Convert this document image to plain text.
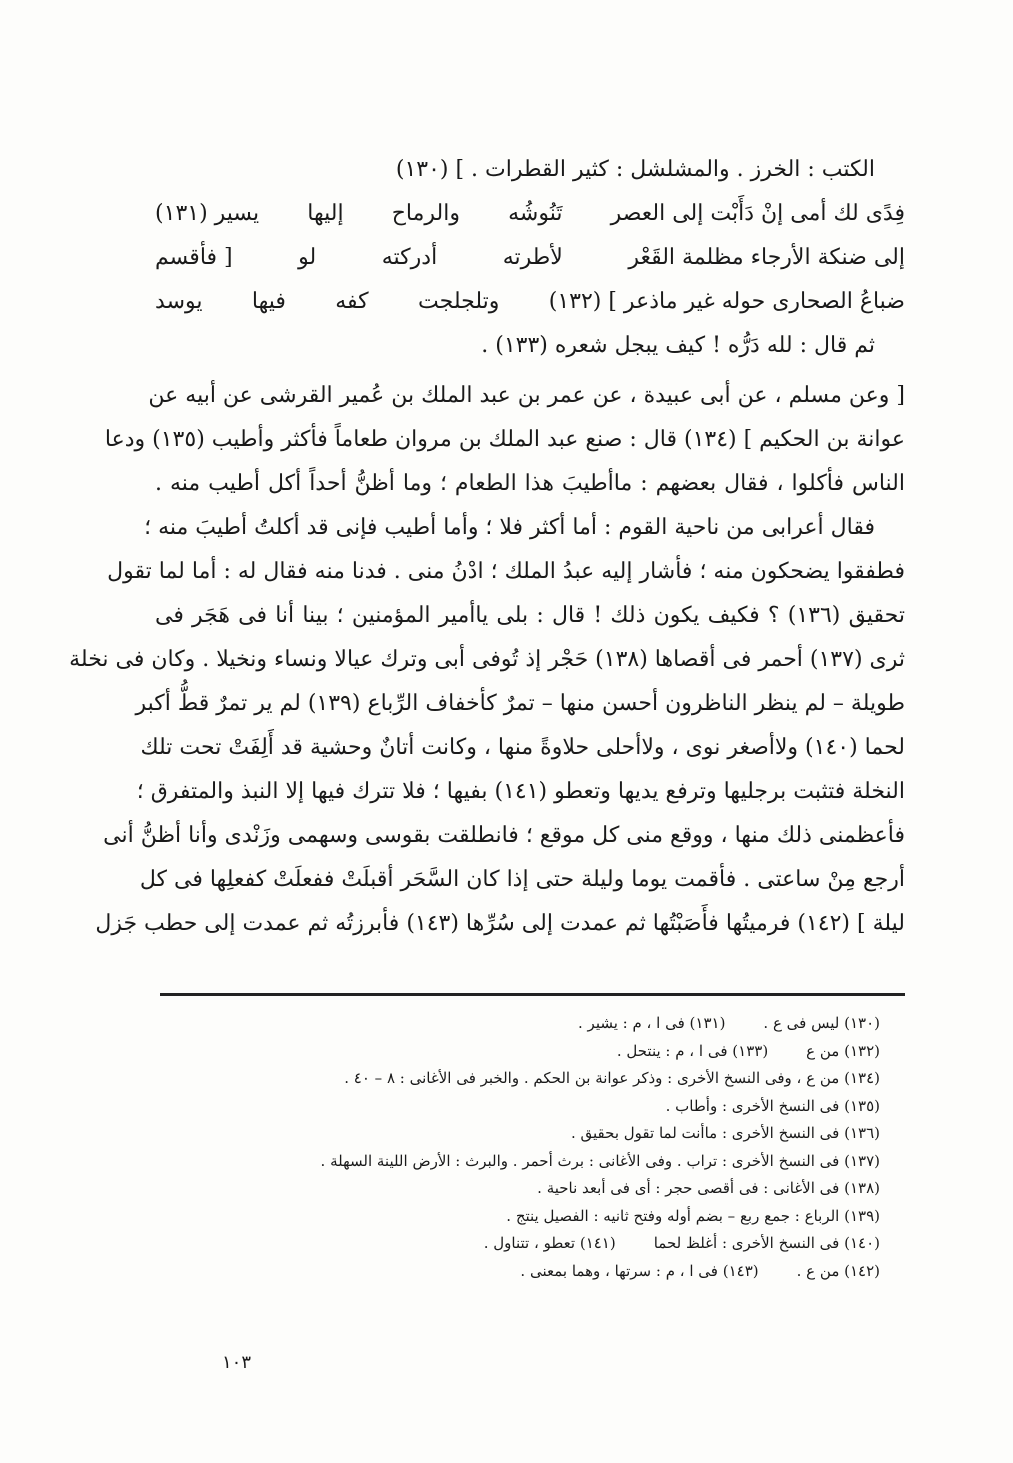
الكتب : الخرز . والمشلشل : كثير القطرات . ] (١٣٠)
فِدًى لك أمى إنْ دَأَبْت إلى العصر
تَنُوشُه
والرماح
إليها
يسير (١٣١)
إلى ضنكة الأرجاء مظلمة القَعْر
لأطرته
أدركته
لو
[ فأقسم
ضباعُ الصحارى حوله غير ماذعر ] (١٣٢)
وتلجلجت
كفه
فيها
يوسد
ثم قال : لله دَرُّه ! كيف يبجل شعره (١٣٣) .
[ وعن مسلم ، عن أبى عبيدة ، عن عمر بن عبد الملك بن عُمير القرشى عن أبيه عن
عوانة بن الحكيم ] (١٣٤) قال : صنع عبد الملك بن مروان طعاماً فأكثر وأطيب (١٣٥) ودعا
الناس فأكلوا ، فقال بعضهم : ماأطيبَ هذا الطعام ؛ وما أظنُّ أحداً أكل أطيب منه .
فقال أعرابى من ناحية القوم : أما أكثر فلا ؛ وأما أطيب فإنى قد أكلتُ أطيبَ منه ؛
فطفقوا يضحكون منه ؛ فأشار إليه عبدُ الملك ؛ ادْنُ منى . فدنا منه فقال له : أما لما تقول
تحقيق (١٣٦) ؟ فكيف يكون ذلك ! قال : بلى ياأمير المؤمنين ؛ بينا أنا فى هَجَر فى
ثرى (١٣٧) أحمر فى أقصاها (١٣٨) حَجْر إذ تُوفى أبى وترك عيالا ونساء ونخيلا . وكان فى نخلة
طويلة – لم ينظر الناظرون أحسن منها – تمرٌ كأخفاف الرِّباع (١٣٩) لم ير تمرٌ قطُّ أكبر
لحما (١٤٠) ولاأصغر نوى ، ولاأحلى حلاوةً منها ، وكانت أتانٌ وحشية قد أَلِفَتْ تحت تلك
النخلة فتثبت برجليها وترفع يديها وتعطو (١٤١) بفيها ؛ فلا تترك فيها إلا النبذ والمتفرق ؛
فأعظمنى ذلك منها ، ووقع منى كل موقع ؛ فانطلقت بقوسى وسهمى وزَنْدى وأنا أظنُّ أنى
أرجع مِنْ ساعتى . فأقمت يوما وليلة حتى إذا كان السَّحَر أقبلَتْ ففعلَتْ كفعلِها فى كل
ليلة ] (١٤٢) فرميتُها فأَصَبْتُها ثم عمدت إلى سُرِّها (١٤٣) فأبرزتُه ثم عمدت إلى حطب جَزل
(١٣٠) ليس فى ع .(١٣١) فى ا ، م : يشير .
(١٣٢) من ع(١٣٣) فى ا ، م : ينتحل .
(١٣٤) من ع ، وفى النسخ الأخرى : وذكر عوانة بن الحكم . والخبر فى الأغانى : ٨ – ٤٠ .
(١٣٥) فى النسخ الأخرى : وأطاب .
(١٣٦) فى النسخ الأخرى : ماأنت لما تقول بحقيق .
(١٣٧) فى النسخ الأخرى : تراب . وفى الأغانى : برث أحمر . والبرث : الأرض اللينة السهلة .
(١٣٨) فى الأغانى : فى أقصى حجر : أى فى أبعد ناحية .
(١٣٩) الرباع : جمع ربع – بضم أوله وفتح ثانيه : الفصيل ينتج .
(١٤٠) فى النسخ الأخرى : أغلظ لحما(١٤١) تعطو ، تتناول .
(١٤٢) من ع .(١٤٣) فى ا ، م : سرتها ، وهما بمعنى .
١٠٣
